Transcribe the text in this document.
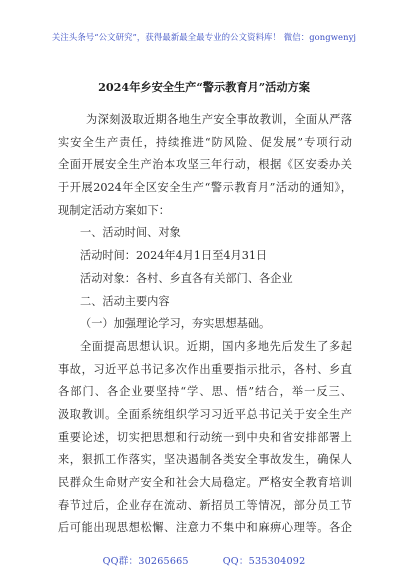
关注头条号“公文研究”，获得最新最全最专业的公文资料库！ 微信：gongwenyj
2024年乡安全生产“警示教育月”活动方案
为深刻汲取近期各地生产安全事故教训，全面从严落
实安全生产责任，持续推进“防风险、促发展”专项行动
全面开展安全生产治本攻坚三年行动，根据《区安委办关
于开展2024年全区安全生产“警示教育月”活动的通知》，
现制定活动方案如下：
一、活动时间、对象
活动时间：2024年4月1日至4月31日
活动对象：各村、乡直各有关部门、各企业
二、活动主要内容
（一）加强理论学习，夯实思想基础。
全面提高思想认识。近期，国内多地先后发生了多起
事故，习近平总书记多次作出重要指示批示，各村、乡直
各部门、各企业要坚持“学、思、悟”结合，举一反三、
汲取教训。全面系统组织学习习近平总书记关于安全生产
重要论述，切实把思想和行动统一到中央和省安排部署上
来，狠抓工作落实，坚决遏制各类安全事故发生，确保人
民群众生命财产安全和社会大局稳定。严格安全教育培训
春节过后，企业存在流动、新招员工等情况，部分员工节
后可能出现思想松懈、注意力不集中和麻痹心理等。各企
QQ群：30265665	QQ：535304092
